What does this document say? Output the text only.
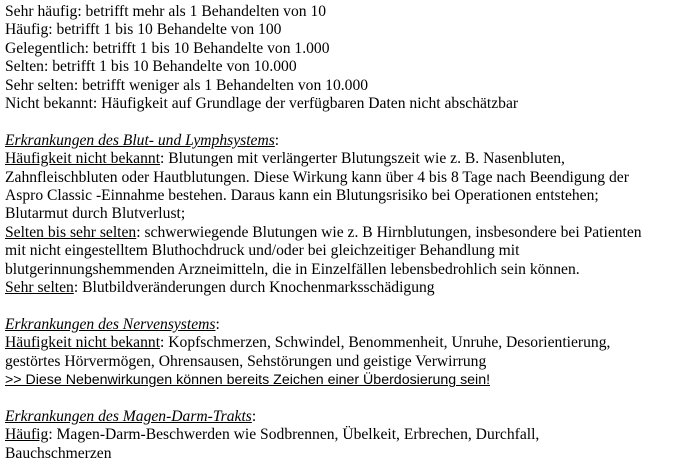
Sehr häufig: betrifft mehr als 1 Behandelten von 10
Häufig: betrifft 1 bis 10 Behandelte von 100
Gelegentlich: betrifft 1 bis 10 Behandelte von 1.000
Selten: betrifft 1 bis 10 Behandelte von 10.000
Sehr selten: betrifft weniger als 1 Behandelten von 10.000
Nicht bekannt: Häufigkeit auf Grundlage der verfügbaren Daten nicht abschätzbar
Erkrankungen des Blut- und Lymphsystems:
Häufigkeit nicht bekannt: Blutungen mit verlängerter Blutungszeit wie z. B. Nasenbluten,
Zahnfleischbluten oder Hautblutungen. Diese Wirkung kann über 4 bis 8 Tage nach Beendigung der
Aspro Classic -Einnahme bestehen. Daraus kann ein Blutungsrisiko bei Operationen entstehen;
Blutarmut durch Blutverlust;
Selten bis sehr selten: schwerwiegende Blutungen wie z. B Hirnblutungen, insbesondere bei Patienten
mit nicht eingestelltem Bluthochdruck und/oder bei gleichzeitiger Behandlung mit
blutgerinnungshemmenden Arzneimitteln, die in Einzelfällen lebensbedrohlich sein können.
Sehr selten: Blutbildveränderungen durch Knochenmarksschädigung
Erkrankungen des Nervensystems:
Häufigkeit nicht bekannt: Kopfschmerzen, Schwindel, Benommenheit, Unruhe, Desorientierung,
gestörtes Hörvermögen, Ohrensausen, Sehstörungen und geistige Verwirrung
>> Diese Nebenwirkungen können bereits Zeichen einer Überdosierung sein!
Erkrankungen des Magen-Darm-Trakts:
Häufig: Magen-Darm-Beschwerden wie Sodbrennen, Übelkeit, Erbrechen, Durchfall,
Bauchschmerzen
